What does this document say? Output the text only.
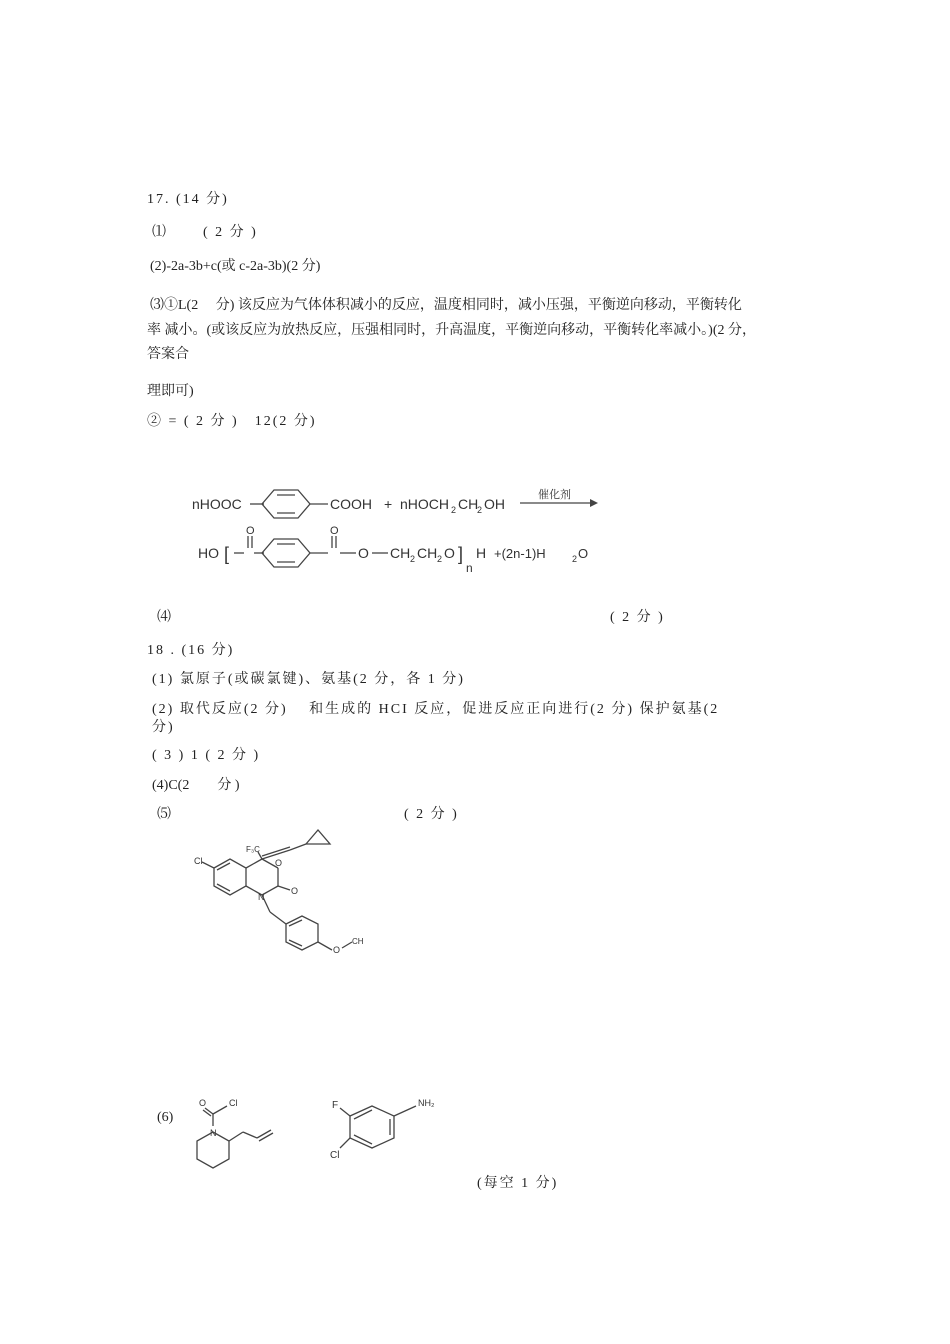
17. (14 分)
⑴	( 2 分 )
(2)-2a-3b+c(或 c-2a-3b)(2 分)
⑶①L(2　 分) 该反应为气体体积减小的反应，温度相同时，减小压强，平衡逆向移动，平衡转化
率 减小。(或该反应为放热反应，压强相同时，升高温度，平衡逆向移动，平衡转化率减小。)(2 分，
答案合
理即可)
② = ( 2 分 )　12(2 分)
nHOOC	COOH + nHOCH 2 CH
2 OH
催化剂
HO [
O	O
O CH 2 CH 2 O ]
n
H +(2n-1)H	2 O
⑷	( 2 分 )
18 . (16 分)
(1) 氯原子(或碳氯键)、氨基(2 分，各 1 分)
(2) 取代反应(2 分)　 和生成的 HCI 反应，促进反应正向进行(2 分) 保护氨基(2
分)
( 3 ) 1 ( 2 分 )
(4)C(2　　分 )
⑸	( 2 分 )
Cl	O
N
O
F₃C
O
CH
(6)
O	Cl
N
F	NH₂
Cl
(每空 1 分)
